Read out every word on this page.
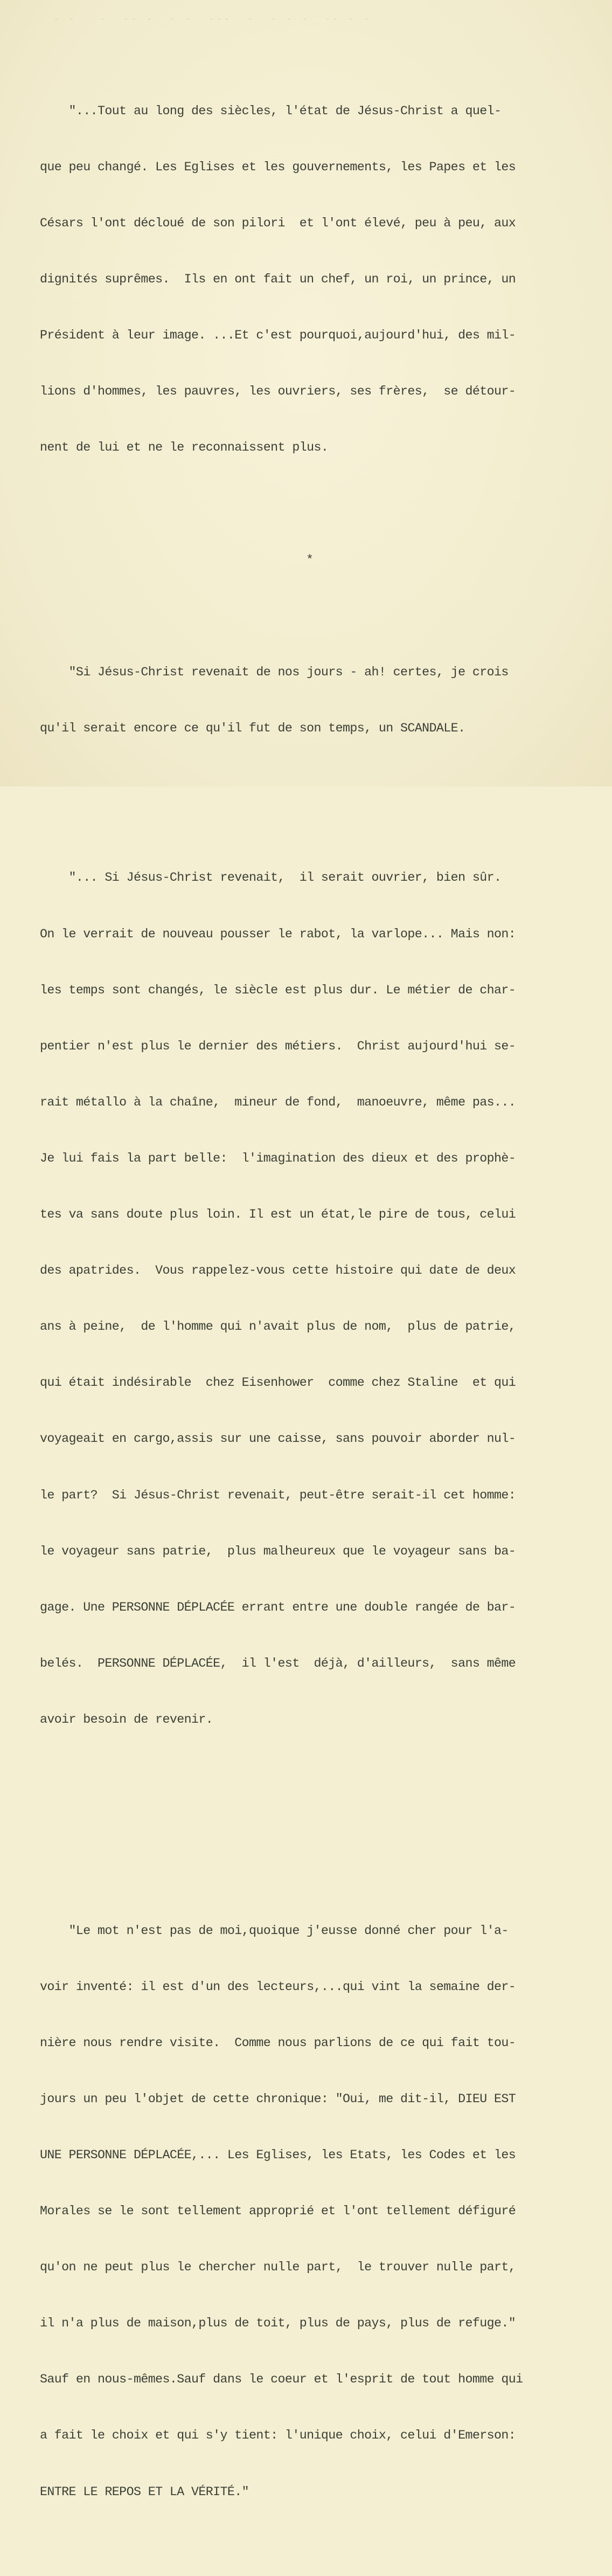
- -   -  -- -  - -  ---  -  - - -  -- - -

"...Tout au long des siècles, l'état de Jésus-Christ a quel-

que peu changé. Les Eglises et les gouvernements, les Papes et les

Césars l'ont décloué de son pilori  et l'ont élevé, peu à peu, aux

dignités suprêmes.  Ils en ont fait un chef, un roi, un prince, un

Président à leur image. ...Et c'est pourquoi,aujourd'hui, des mil-

lions d'hommes, les pauvres, les ouvriers, ses frères,  se détour-

nent de lui et ne le reconnaissent plus.

*

"Si Jésus-Christ revenait de nos jours - ah! certes, je crois

qu'il serait encore ce qu'il fut de son temps, un SCANDALE.

"... Si Jésus-Christ revenait,  il serait ouvrier, bien sûr.

On le verrait de nouveau pousser le rabot, la varlope... Mais non:

les temps sont changés, le siècle est plus dur. Le métier de char-

pentier n'est plus le dernier des métiers.  Christ aujourd'hui se-

rait métallo à la chaîne,  mineur de fond,  manoeuvre, même pas...

Je lui fais la part belle:  l'imagination des dieux et des prophè-

tes va sans doute plus loin. Il est un état,le pire de tous, celui

des apatrides.  Vous rappelez-vous cette histoire qui date de deux

ans à peine,  de l'homme qui n'avait plus de nom,  plus de patrie,

qui était indésirable  chez Eisenhower  comme chez Staline  et qui

voyageait en cargo,assis sur une caisse, sans pouvoir aborder nul-

le part?  Si Jésus-Christ revenait, peut-être serait-il cet homme:

le voyageur sans patrie,  plus malheureux que le voyageur sans ba-

gage. Une PERSONNE DÉPLACÉE errant entre une double rangée de bar-

belés.  PERSONNE DÉPLACÉE,  il l'est  déjà, d'ailleurs,  sans même

avoir besoin de revenir.

"Le mot n'est pas de moi,quoique j'eusse donné cher pour l'a-

voir inventé: il est d'un des lecteurs,...qui vint la semaine der-

nière nous rendre visite.  Comme nous parlions de ce qui fait tou-

jours un peu l'objet de cette chronique: "Oui, me dit-il, DIEU EST

UNE PERSONNE DÉPLACÉE,... Les Eglises, les Etats, les Codes et les

Morales se le sont tellement approprié et l'ont tellement défiguré

qu'on ne peut plus le chercher nulle part,  le trouver nulle part,

il n'a plus de maison,plus de toit, plus de pays, plus de refuge."

Sauf en nous-mêmes.Sauf dans le coeur et l'esprit de tout homme qui

a fait le choix et qui s'y tient: l'unique choix, celui d'Emerson:

ENTRE LE REPOS ET LA VÉRITÉ."
